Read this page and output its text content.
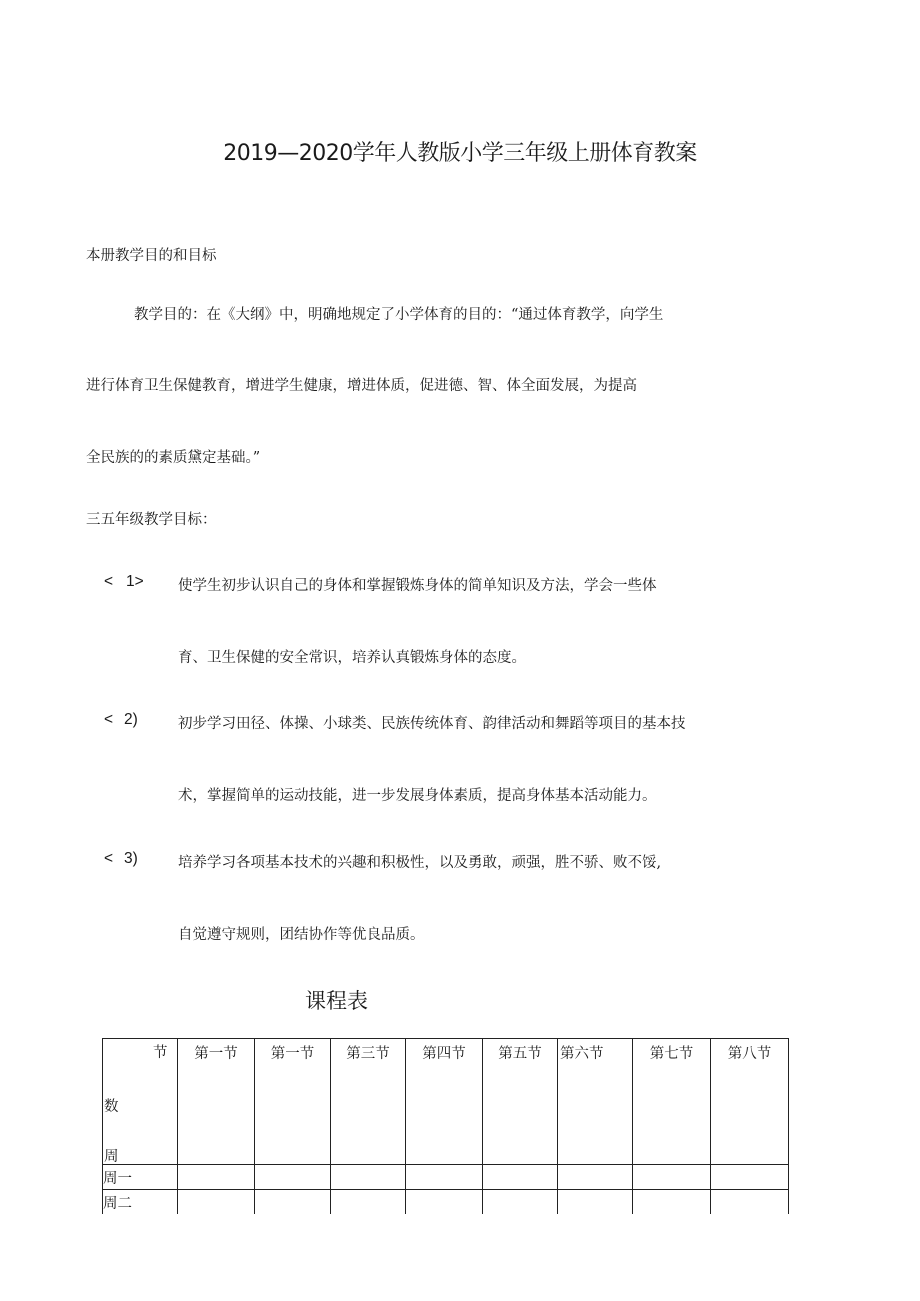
2019—2020学年人教版小学三年级上册体育教案
本册教学目的和目标
教学目的：在《大纲》中，明确地规定了小学体育的目的：“通过体育教学，向学生
进行体育卫生保健教育，增进学生健康，增进体质，促进德、智、体全面发展，为提高
全民族的的素质黛定基础。”
三五年级教学目标：
< 1> 使学生初步认识自己的身体和掌握锻炼身体的简单知识及方法，学会一些体
育、卫生保健的安全常识，培养认真锻炼身体的态度。
< 2)	初步学习田径、体操、小球类、民族传统体育、韵律活动和舞蹈等项目的基本技
术，掌握简单的运动技能，进一步发展身体素质，提高身体基本活动能力。
< 3)	培养学习各项基本技术的兴趣和积极性，以及勇敢，顽强，胜不骄、败不馁,
自觉遵守规则，团结协作等优良品质。
课程表
节
数
周	第一节	第一节	第三节	第四节	第五节	第六节	第七节	第八节
周一								
周二								
